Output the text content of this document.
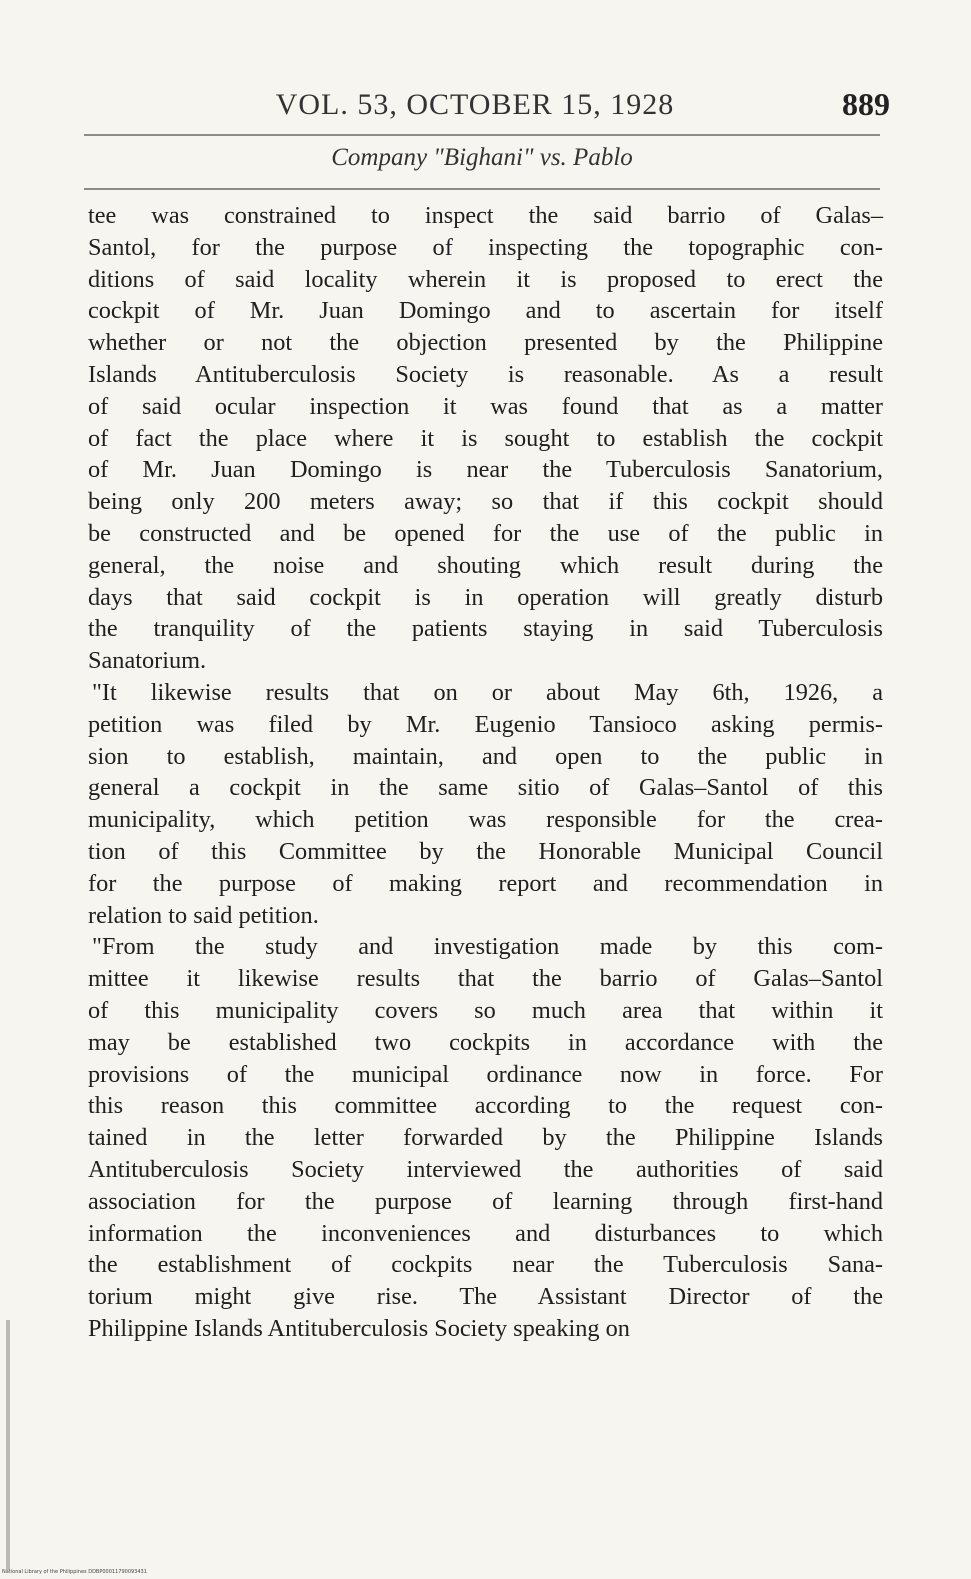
VOL. 53, OCTOBER 15, 1928	889
Company "Bighani" vs. Pablo

tee was constrained to inspect the said barrio of Galas–
Santol, for the purpose of inspecting the topographic con-
ditions of said locality wherein it is proposed to erect the
cockpit of Mr. Juan Domingo and to ascertain for itself
whether or not the objection presented by the Philippine
Islands Antituberculosis Society is reasonable. As a result
of said ocular inspection it was found that as a matter
of fact the place where it is sought to establish the cockpit
of Mr. Juan Domingo is near the Tuberculosis Sanatorium,
being only 200 meters away; so that if this cockpit should
be constructed and be opened for the use of the public in
general, the noise and shouting which result during the
days that said cockpit is in operation will greatly disturb
the tranquility of the patients staying in said Tuberculosis
Sanatorium.

"It likewise results that on or about May 6th, 1926, a
petition was filed by Mr. Eugenio Tansioco asking permis-
sion to establish, maintain, and open to the public in
general a cockpit in the same sitio of Galas–Santol of this
municipality, which petition was responsible for the crea-
tion of this Committee by the Honorable Municipal Council
for the purpose of making report and recommendation in
relation to said petition.

"From the study and investigation made by this com-
mittee it likewise results that the barrio of Galas–Santol
of this municipality covers so much area that within it
may be established two cockpits in accordance with the
provisions of the municipal ordinance now in force. For
this reason this committee according to the request con-
tained in the letter forwarded by the Philippine Islands
Antituberculosis Society interviewed the authorities of said
association for the purpose of learning through first-hand
information the inconveniences and disturbances to which
the establishment of cockpits near the Tuberculosis Sana-
torium might give rise. The Assistant Director of the
Philippine Islands Antituberculosis Society speaking on

National Library of the Philippines DDBP00011790093431
